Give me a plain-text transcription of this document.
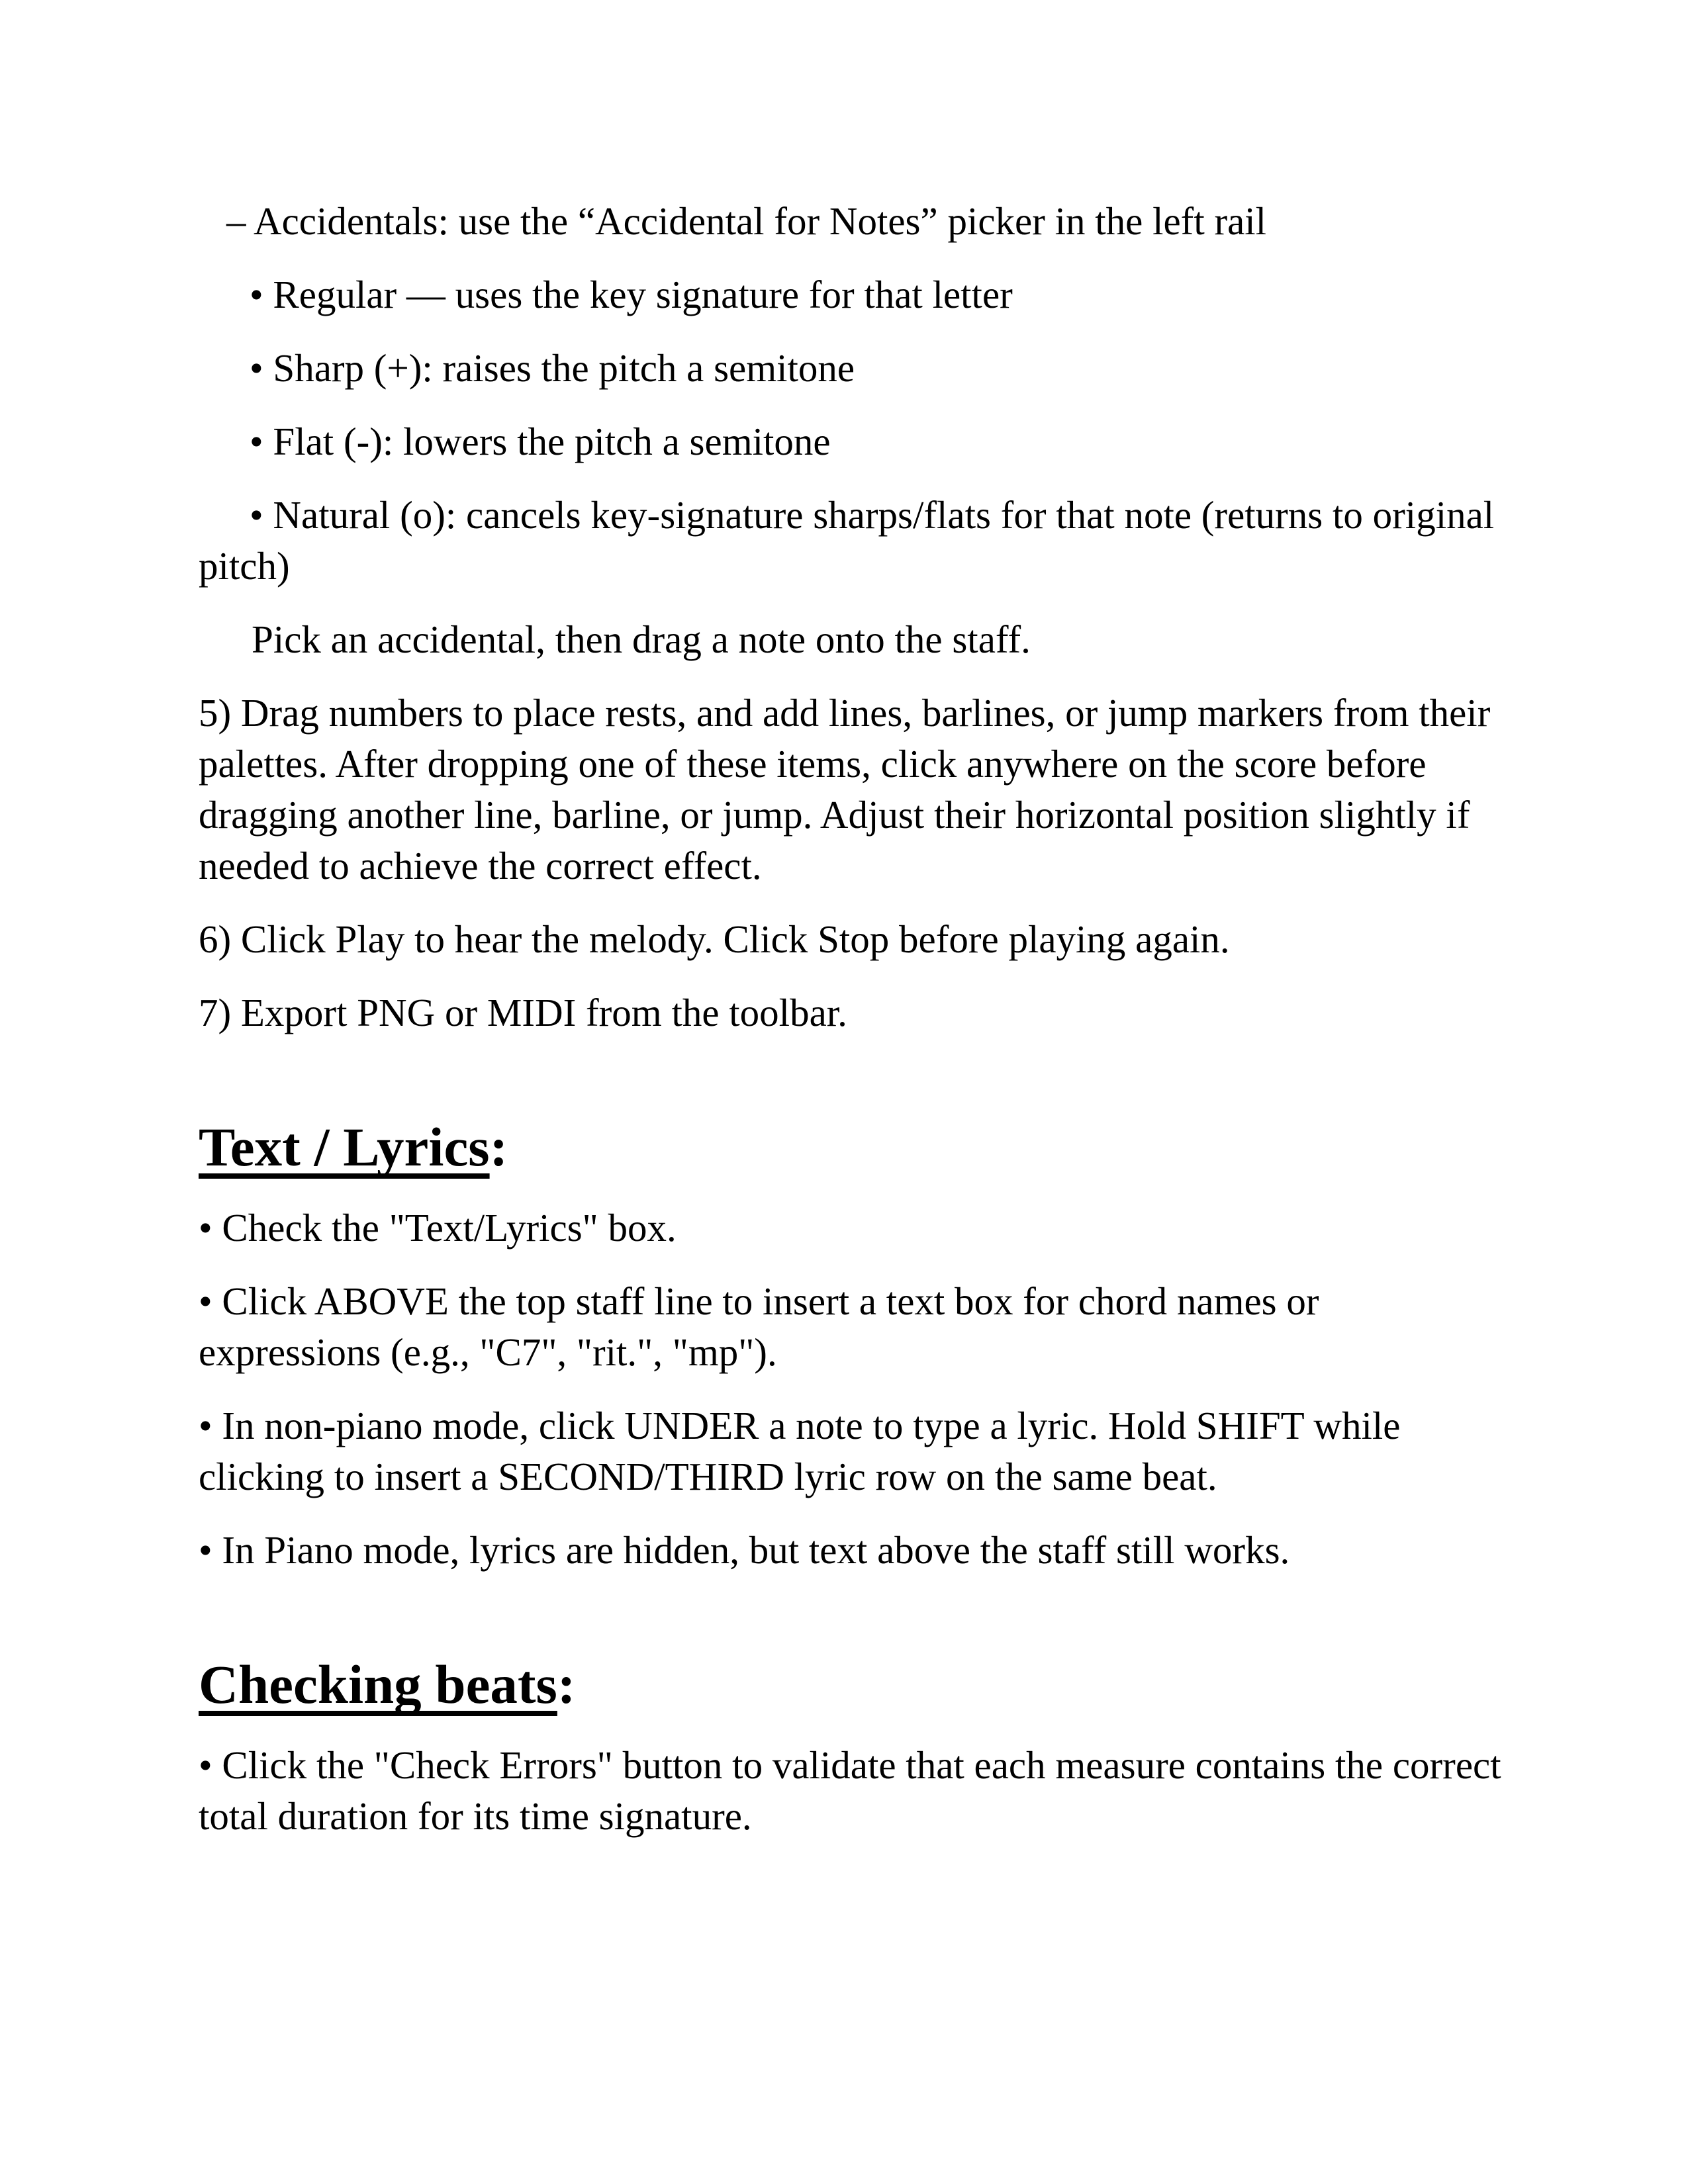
– Accidentals: use the “Accidental for Notes” picker in the left rail
• Regular — uses the key signature for that letter
• Sharp (+): raises the pitch a semitone
• Flat (-): lowers the pitch a semitone
• Natural (o): cancels key-signature sharps/flats for that note (returns to original
pitch)
Pick an accidental, then drag a note onto the staff.
5) Drag numbers to place rests, and add lines, barlines, or jump markers from their
palettes. After dropping one of these items, click anywhere on the score before
dragging another line, barline, or jump. Adjust their horizontal position slightly if
needed to achieve the correct effect.
6) Click Play to hear the melody. Click Stop before playing again.
7) Export PNG or MIDI from the toolbar.
Text / Lyrics:
• Check the "Text/Lyrics" box.
• Click ABOVE the top staff line to insert a text box for chord names or
expressions (e.g., "C7", "rit.", "mp").
• In non-piano mode, click UNDER a note to type a lyric. Hold SHIFT while
clicking to insert a SECOND/THIRD lyric row on the same beat.
• In Piano mode, lyrics are hidden, but text above the staff still works.
Checking beats:
• Click the "Check Errors" button to validate that each measure contains the correct
total duration for its time signature.
